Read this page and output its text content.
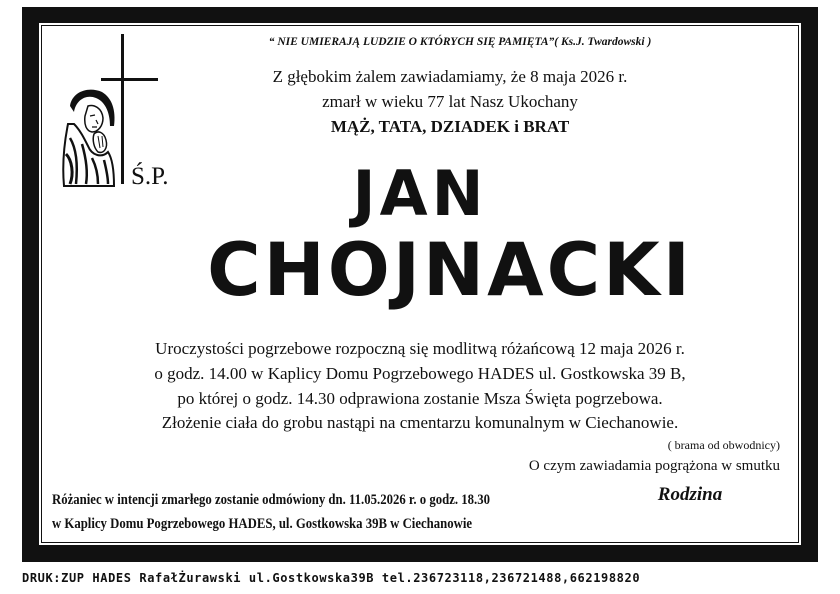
“ NIE UMIERAJĄ LUDZIE O KTÓRYCH SIĘ PAMIĘTA”( Ks.J. Twardowski )
Z głębokim żalem zawiadamiamy, że 8 maja 2026 r.
zmarł w wieku 77 lat Nasz Ukochany
MĄŻ, TATA, DZIADEK i BRAT
Ś.P.	JAN
CHOJNACKI
Uroczystości pogrzebowe rozpoczną się modlitwą różańcową 12 maja 2026 r.
o godz. 14.00 w Kaplicy Domu Pogrzebowego HADES ul. Gostkowska 39 B,
po której o godz. 14.30 odprawiona zostanie Msza Święta pogrzebowa.
Złożenie ciała do grobu nastąpi na cmentarzu komunalnym w Ciechanowie.
( brama od obwodnicy)
O czym zawiadamia pogrążona w smutku
Rodzina
Różaniec w intencji zmarłego zostanie odmówiony dn. 11.05.2026 r. o godz. 18.30
w Kaplicy Domu Pogrzebowego HADES, ul. Gostkowska 39B w Ciechanowie
DRUK:ZUP HADES RafałŻurawski ul.Gostkowska39B tel.236723118,236721488,662198820
